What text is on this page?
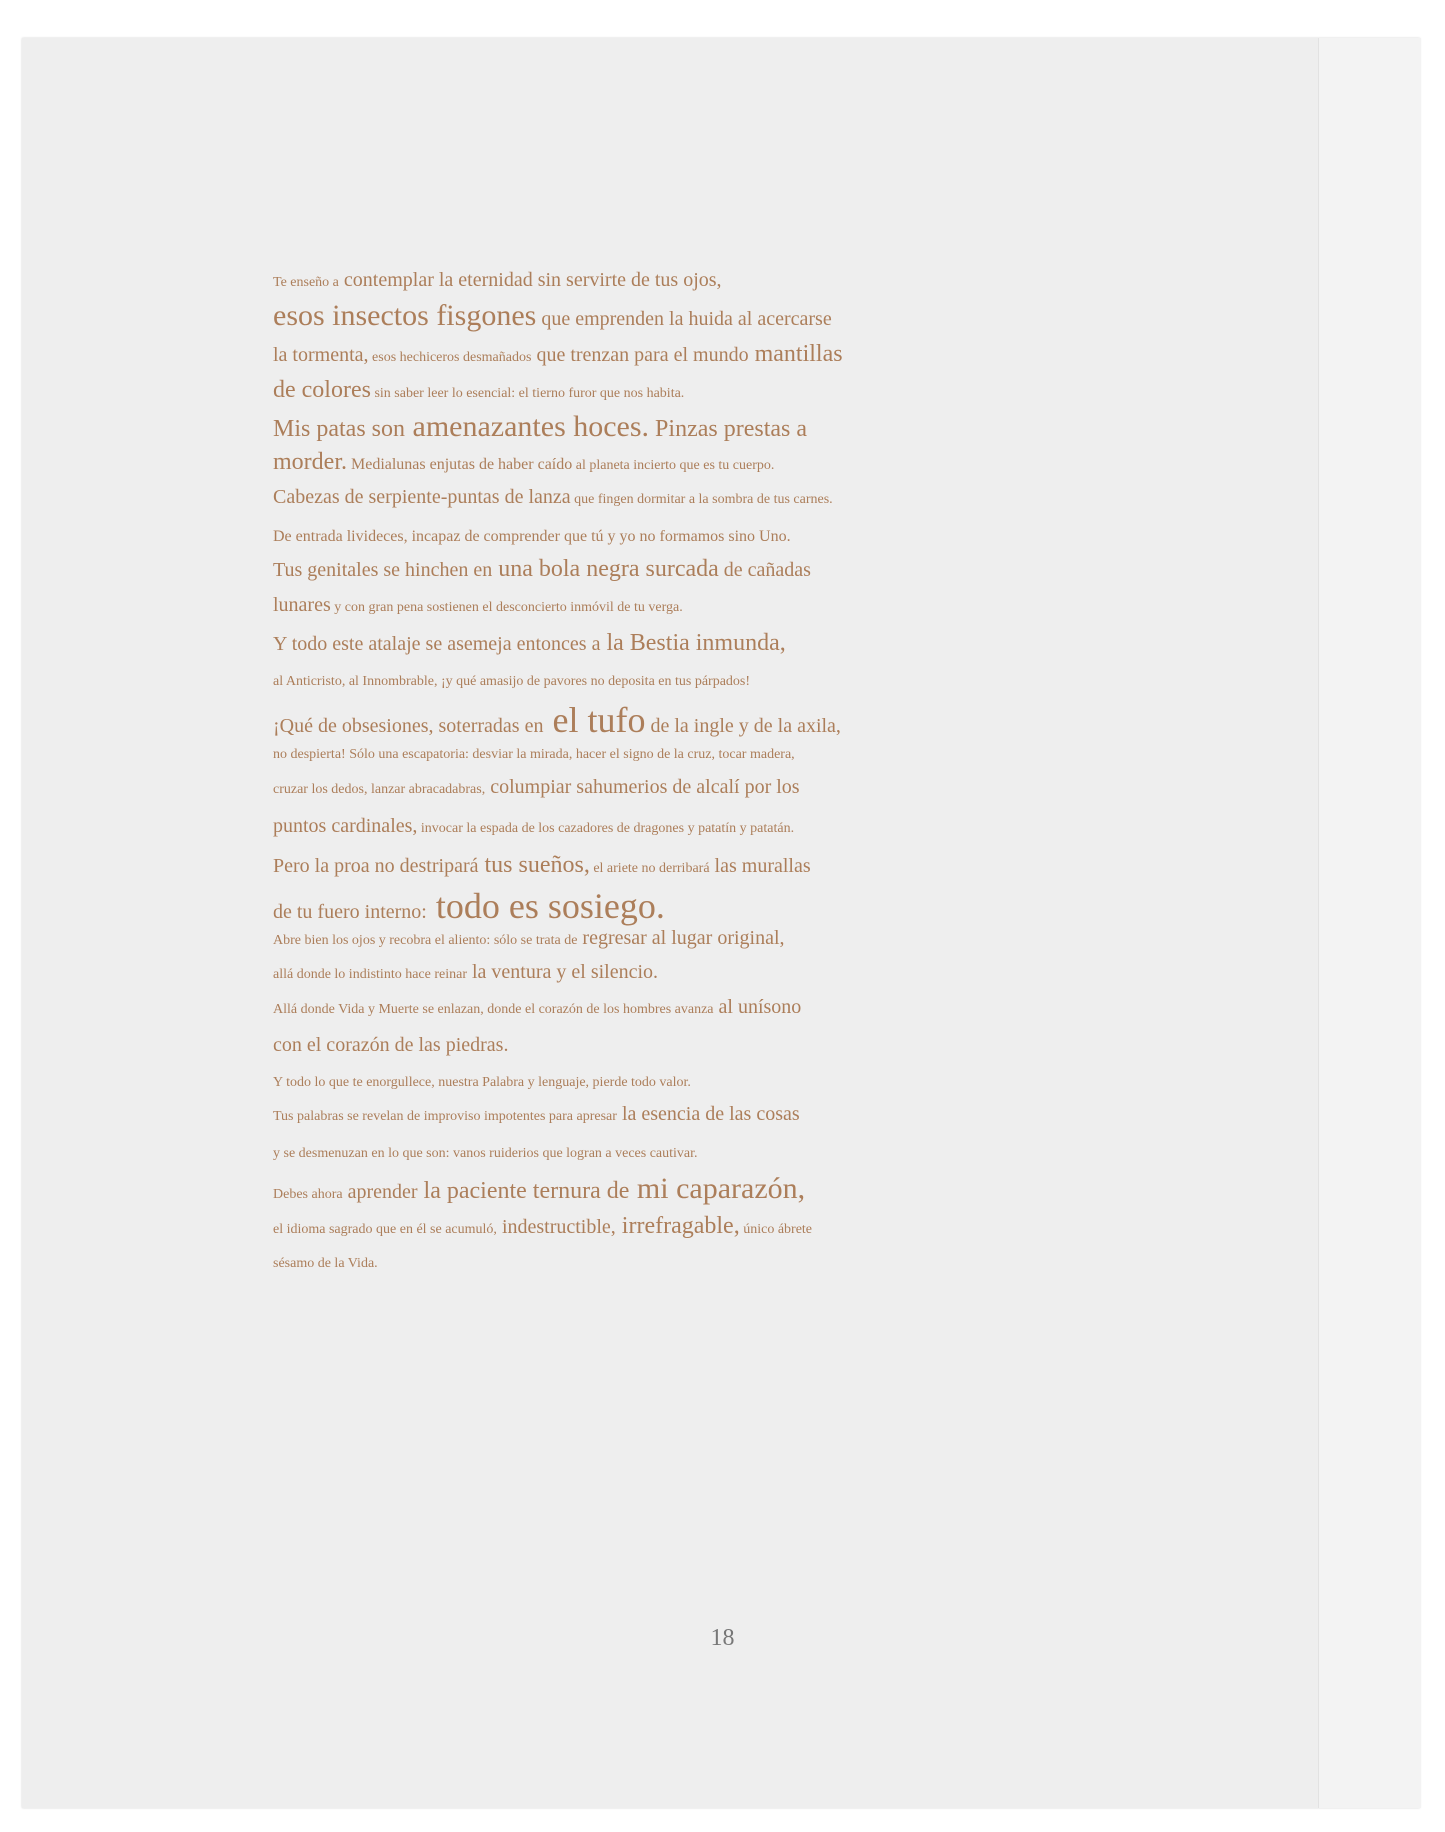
Te enseño a contemplar la eternidad sin servirte de tus ojos,
esos insectos fisgones que emprenden la huida al acercarse
la tormenta, esos hechiceros desmañados que trenzan para el mundo mantillas
de colores sin saber leer lo esencial: el tierno furor que nos habita.
Mis patas son amenazantes hoces. Pinzas prestas a
morder. Medialunas enjutas de haber caído al planeta incierto que es tu cuerpo.
Cabezas de serpiente-puntas de lanza que fingen dormitar a la sombra de tus carnes.
De entrada livideces, incapaz de comprender que tú y yo no formamos sino Uno.
Tus genitales se hinchen en una bola negra surcada de cañadas
lunares y con gran pena sostienen el desconcierto inmóvil de tu verga.
Y todo este atalaje se asemeja entonces a la Bestia inmunda,
al Anticristo, al Innombrable, ¡y qué amasijo de pavores no deposita en tus párpados!
¡Qué de obsesiones, soterradas en el tufo de la ingle y de la axila,
no despierta! Sólo una escapatoria: desviar la mirada, hacer el signo de la cruz, tocar madera,
cruzar los dedos, lanzar abracadabras, columpiar sahumerios de alcalí por los
puntos cardinales, invocar la espada de los cazadores de dragones y patatín y patatán.
Pero la proa no destripará tus sueños, el ariete no derribará las murallas
de tu fuero interno: todo es sosiego.
Abre bien los ojos y recobra el aliento: sólo se trata de regresar al lugar original,
allá donde lo indistinto hace reinar la ventura y el silencio.
Allá donde Vida y Muerte se enlazan, donde el corazón de los hombres avanza al unísono
con el corazón de las piedras.
Y todo lo que te enorgullece, nuestra Palabra y lenguaje, pierde todo valor.
Tus palabras se revelan de improviso impotentes para apresar la esencia de las cosas
y se desmenuzan en lo que son: vanos ruiderios que logran a veces cautivar.
Debes ahora aprender la paciente ternura de mi caparazón,
el idioma sagrado que en él se acumuló, indestructible, irrefragable, único ábrete
sésamo de la Vida.
18
